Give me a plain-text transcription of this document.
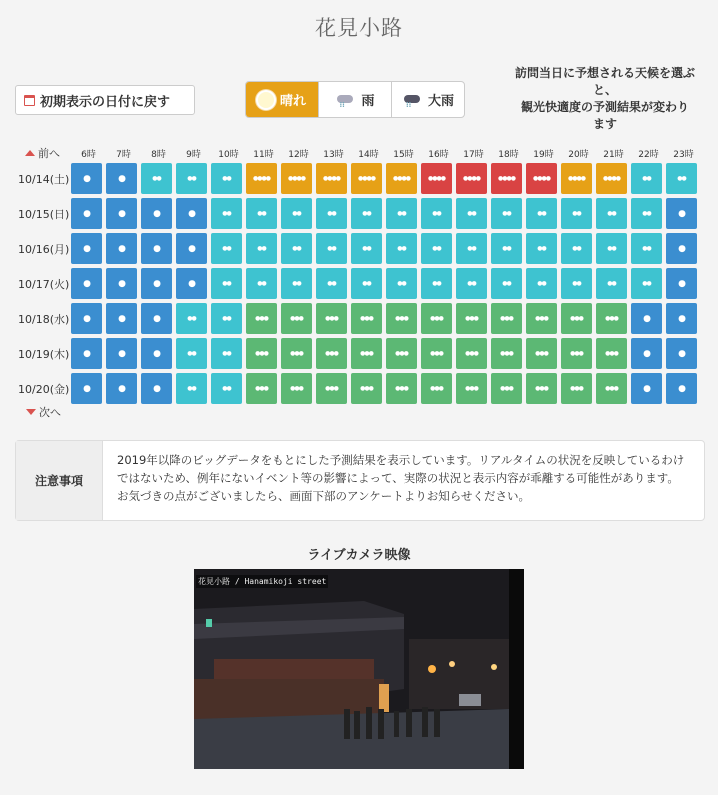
花見小路
初期表示の日付に戻す	晴れ ⁞⁞	雨 ⁞⁞	大雨
訪問当日に予想される天候を選ぶ
と、
観光快適度の予測結果が変わり
ます
前へ	6時	7時	8時	9時	10時	11時	12時	13時	14時	15時	16時	17時	18時	19時	20時	21時	22時	23時
10/14(土) ●	●	●●	●●	●●	●●●●	●●●●	●●●●	●●●●	●●●●	●●●●	●●●●	●●●●	●●●●	●●●●	●●●●	●●	●●
10/15(日) ●	●	●	●	●●	●●	●●	●●	●●	●●	●●	●●	●●	●●	●●	●●	●●	●
10/16(月) ●	●	●	●	●●	●●	●●	●●	●●	●●	●●	●●	●●	●●	●●	●●	●●	●
10/17(火) ●	●	●	●	●●	●●	●●	●●	●●	●●	●●	●●	●●	●●	●●	●●	●●	●
10/18(水) ●	●	●	●●	●●	●●●	●●●	●●●	●●●	●●●	●●●	●●●	●●●	●●●	●●●	●●●	●	●
10/19(木) ●	●	●	●●	●●	●●●	●●●	●●●	●●●	●●●	●●●	●●●	●●●	●●●	●●●	●●●	●	●
10/20(金) ●	●	●	●●	●●	●●●	●●●	●●●	●●●	●●●	●●●	●●●	●●●	●●●	●●●	●●●	●	●
次へ
注意事項
2019年以降のビッグデータをもとにした予測結果を表示しています。リアルタイムの状況を反映しているわけではないため、例年にないイベント等の影響によって、実際の状況と表示内容が乖離する可能性があります。お気づきの点がございましたら、画面下部のアンケートよりお知らせください。
ライブカメラ映像
花見小路 / Hanamikoji street
